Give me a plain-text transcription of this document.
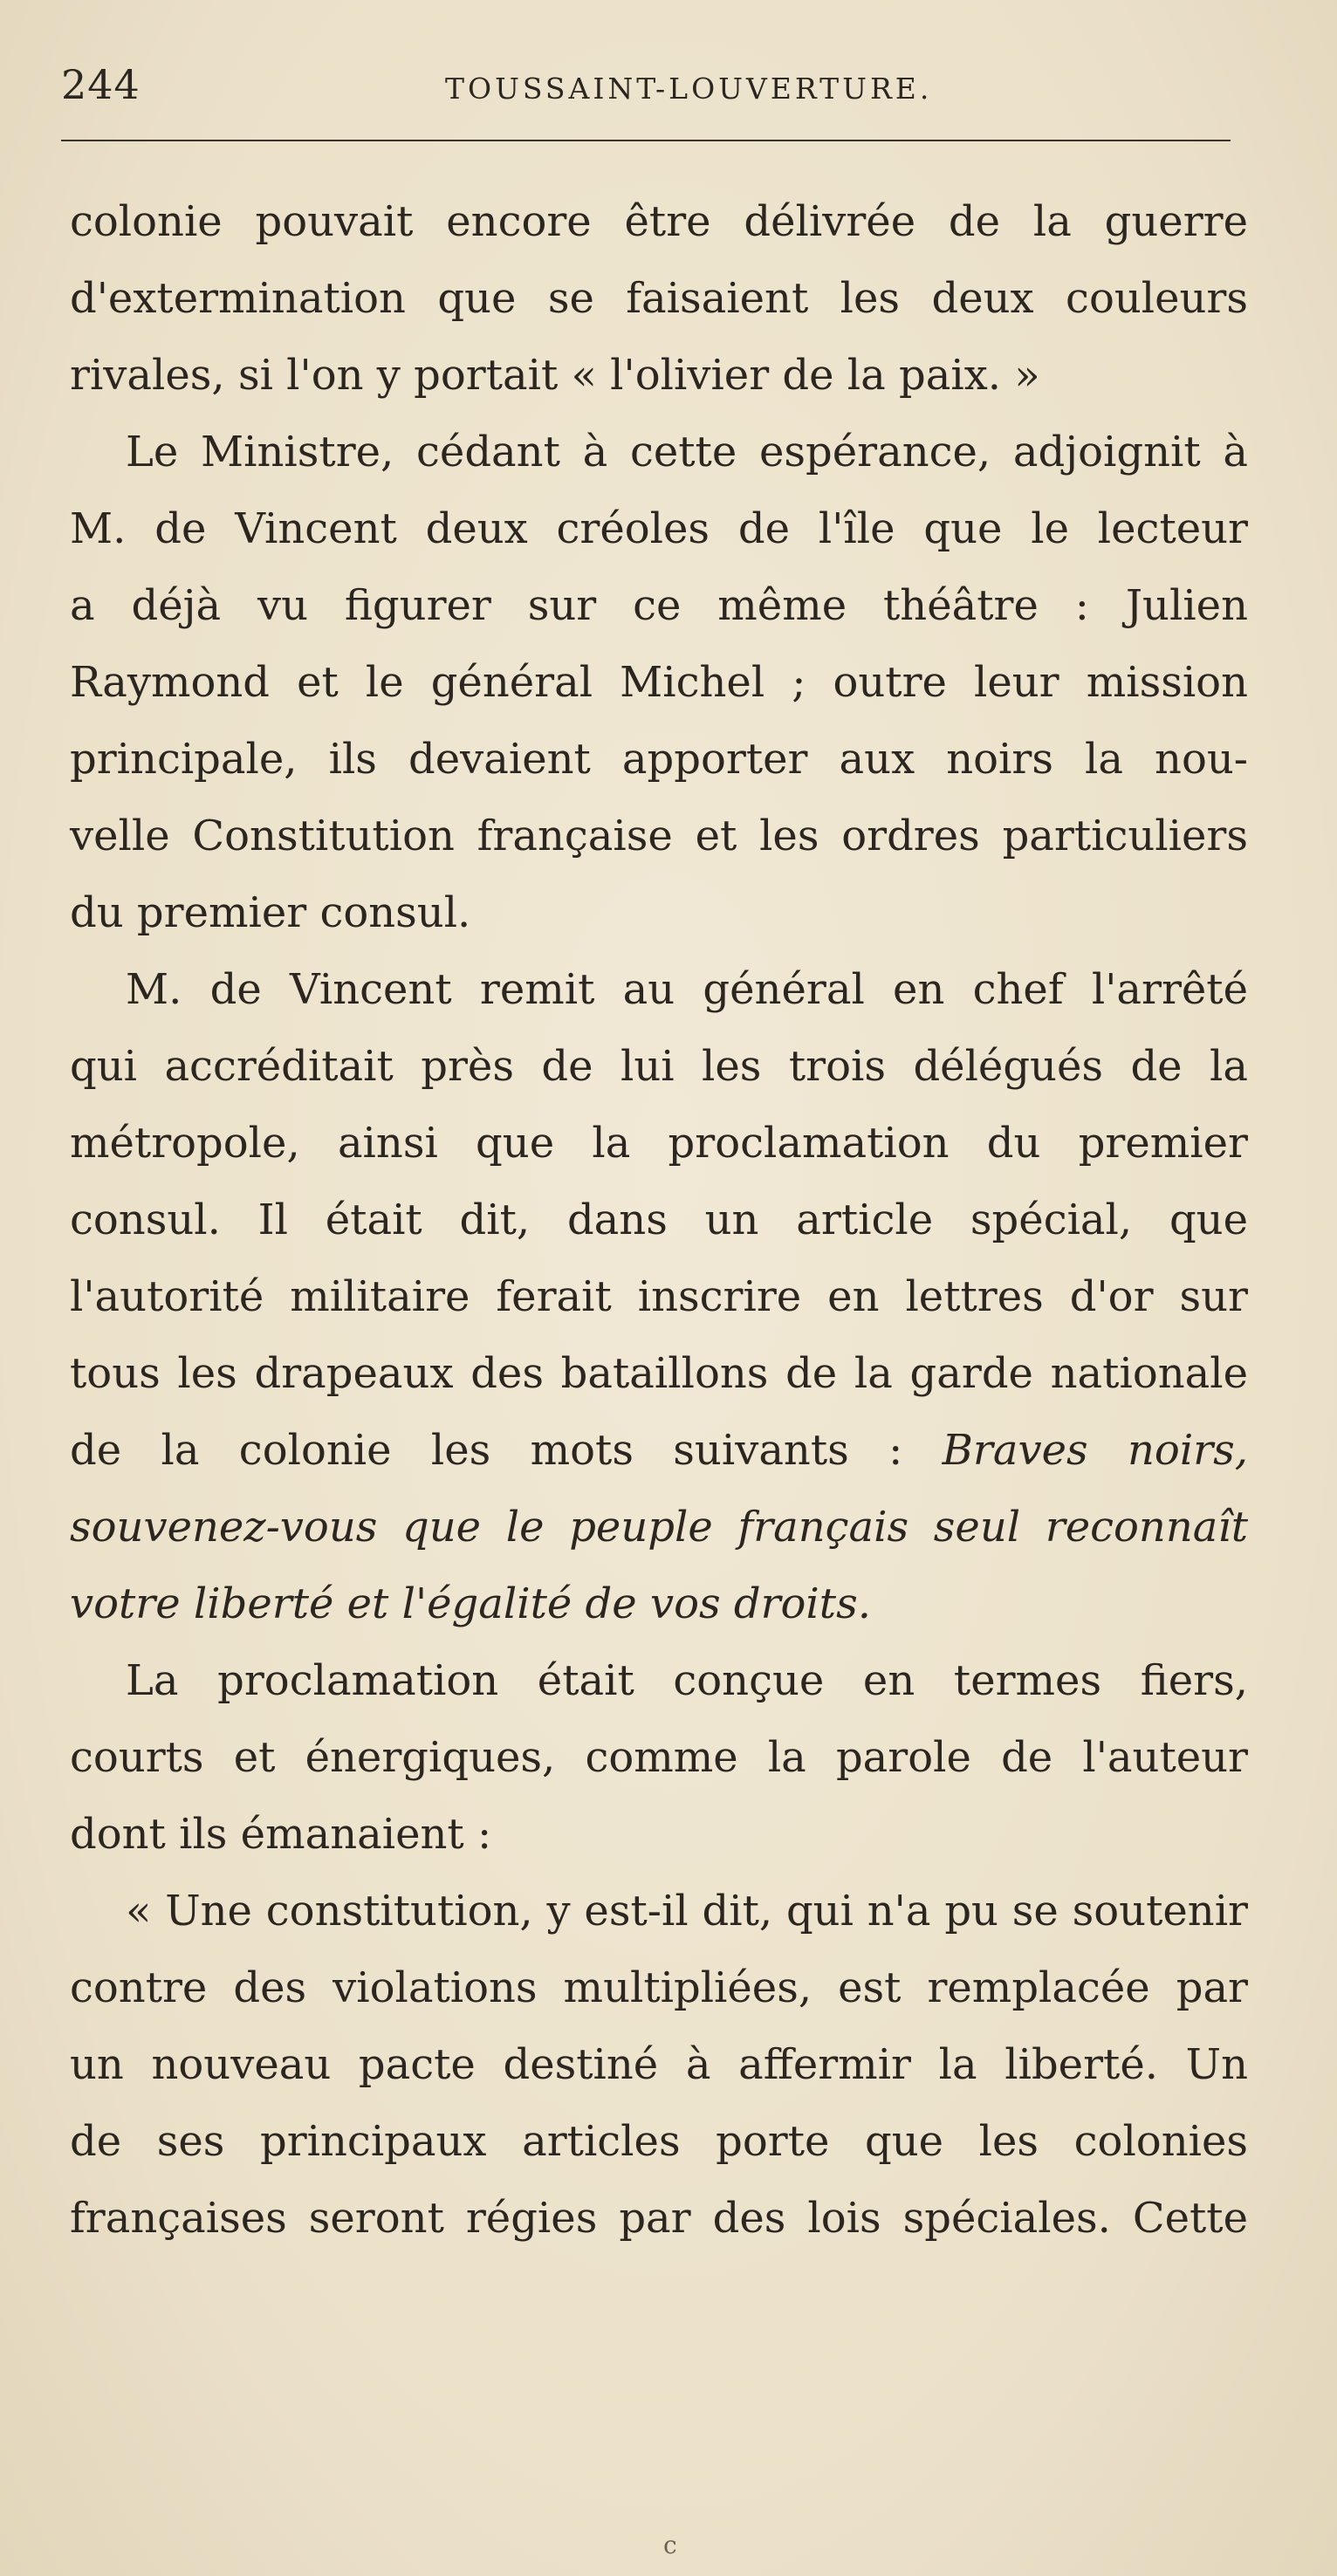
244	TOUSSAINT-LOUVERTURE.
colonie pouvait encore être délivrée de la guerre
d'extermination que se faisaient les deux couleurs
rivales, si l'on y portait « l'olivier de la paix. »
Le Ministre, cédant à cette espérance, adjoignit à
M. de Vincent deux créoles de l'île que le lecteur
a déjà vu figurer sur ce même théâtre : Julien
Raymond et le général Michel ; outre leur mission
principale, ils devaient apporter aux noirs la nou-
velle Constitution française et les ordres particuliers
du premier consul.
M. de Vincent remit au général en chef l'arrêté
qui accréditait près de lui les trois délégués de la
métropole, ainsi que la proclamation du premier
consul. Il était dit, dans un article spécial, que
l'autorité militaire ferait inscrire en lettres d'or sur
tous les drapeaux des bataillons de la garde nationale
de la colonie les mots suivants : Braves noirs,
souvenez-vous que le peuple français seul reconnaît
votre liberté et l'égalité de vos droits.
La proclamation était conçue en termes fiers,
courts et énergiques, comme la parole de l'auteur
dont ils émanaient :
« Une constitution, y est-il dit, qui n'a pu se soutenir
contre des violations multipliées, est remplacée par
un nouveau pacte destiné à affermir la liberté. Un
de ses principaux articles porte que les colonies
françaises seront régies par des lois spéciales. Cette
c
